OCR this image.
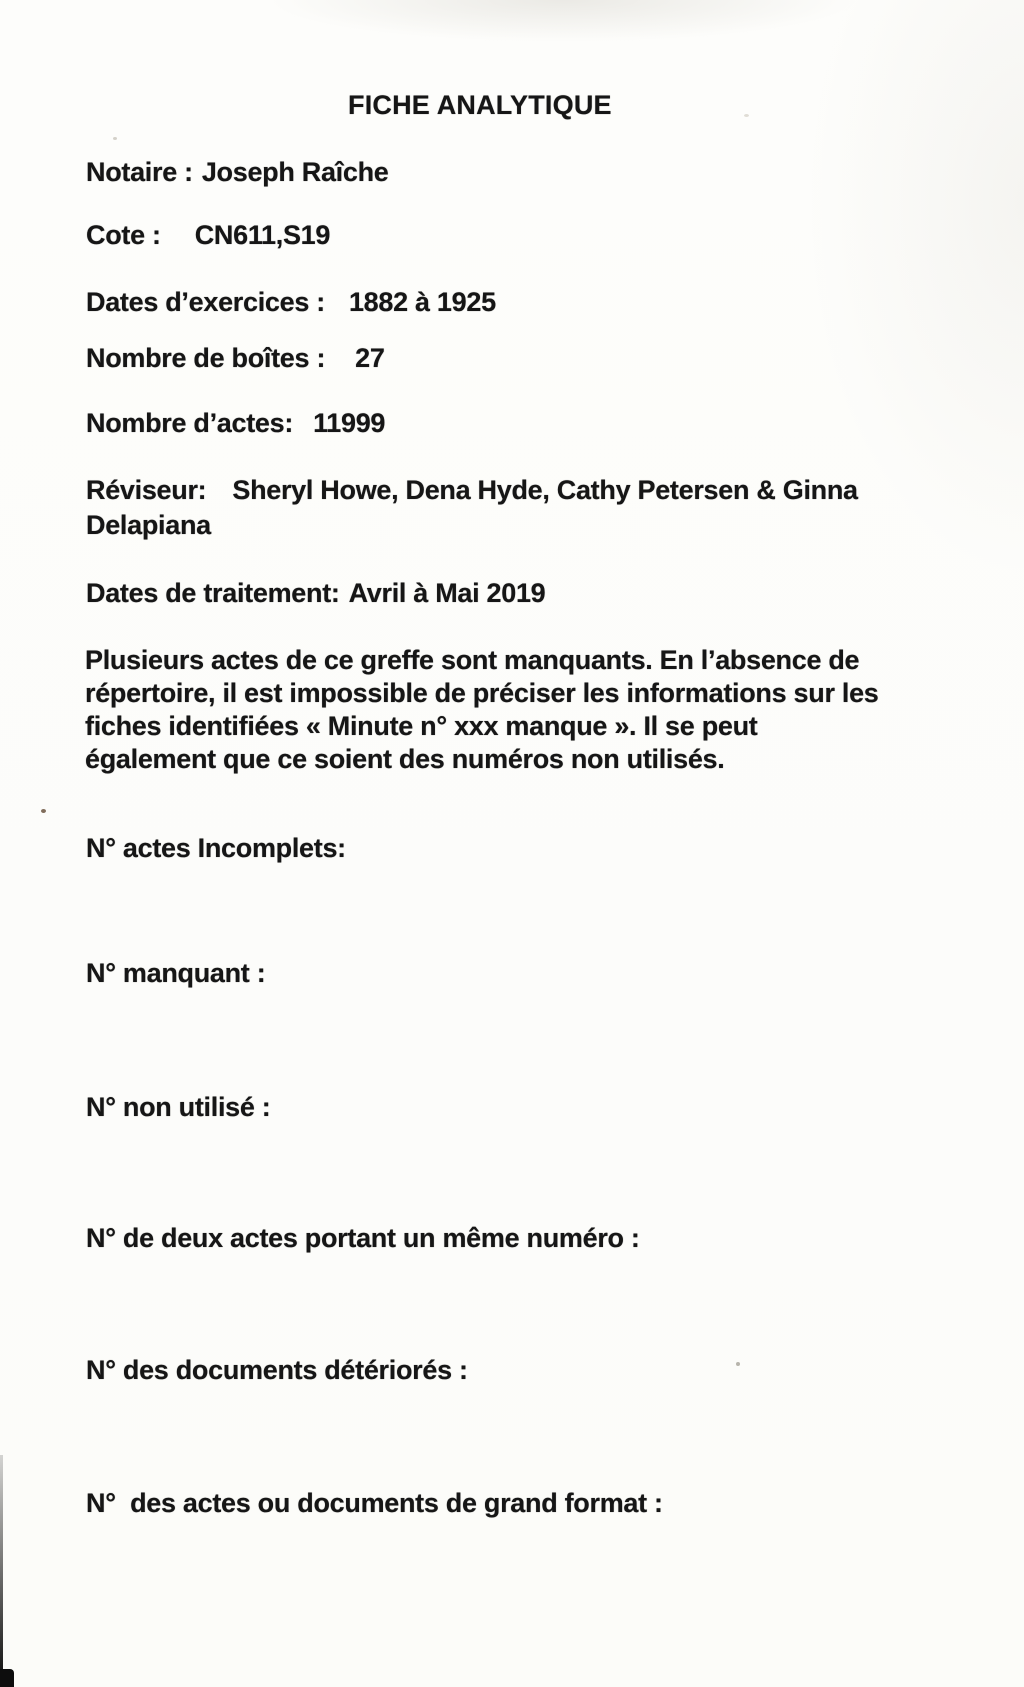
FICHE ANALYTIQUE
Notaire : Joseph Raîche
Cote : CN611,S19
Dates d’exercices : 1882 à 1925
Nombre de boîtes : 27
Nombre d’actes: 11999
Réviseur: Sheryl Howe, Dena Hyde, Cathy Petersen & Ginna
Delapiana
Dates de traitement: Avril à Mai 2019
Plusieurs actes de ce greffe sont manquants. En l’absence de
répertoire, il est impossible de préciser les informations sur les
fiches identifiées « Minute n° xxx manque ». Il se peut
également que ce soient des numéros non utilisés.
N° actes Incomplets:
N° manquant :
N° non utilisé :
N° de deux actes portant un même numéro :
N° des documents détériorés :
N°  des actes ou documents de grand format :
